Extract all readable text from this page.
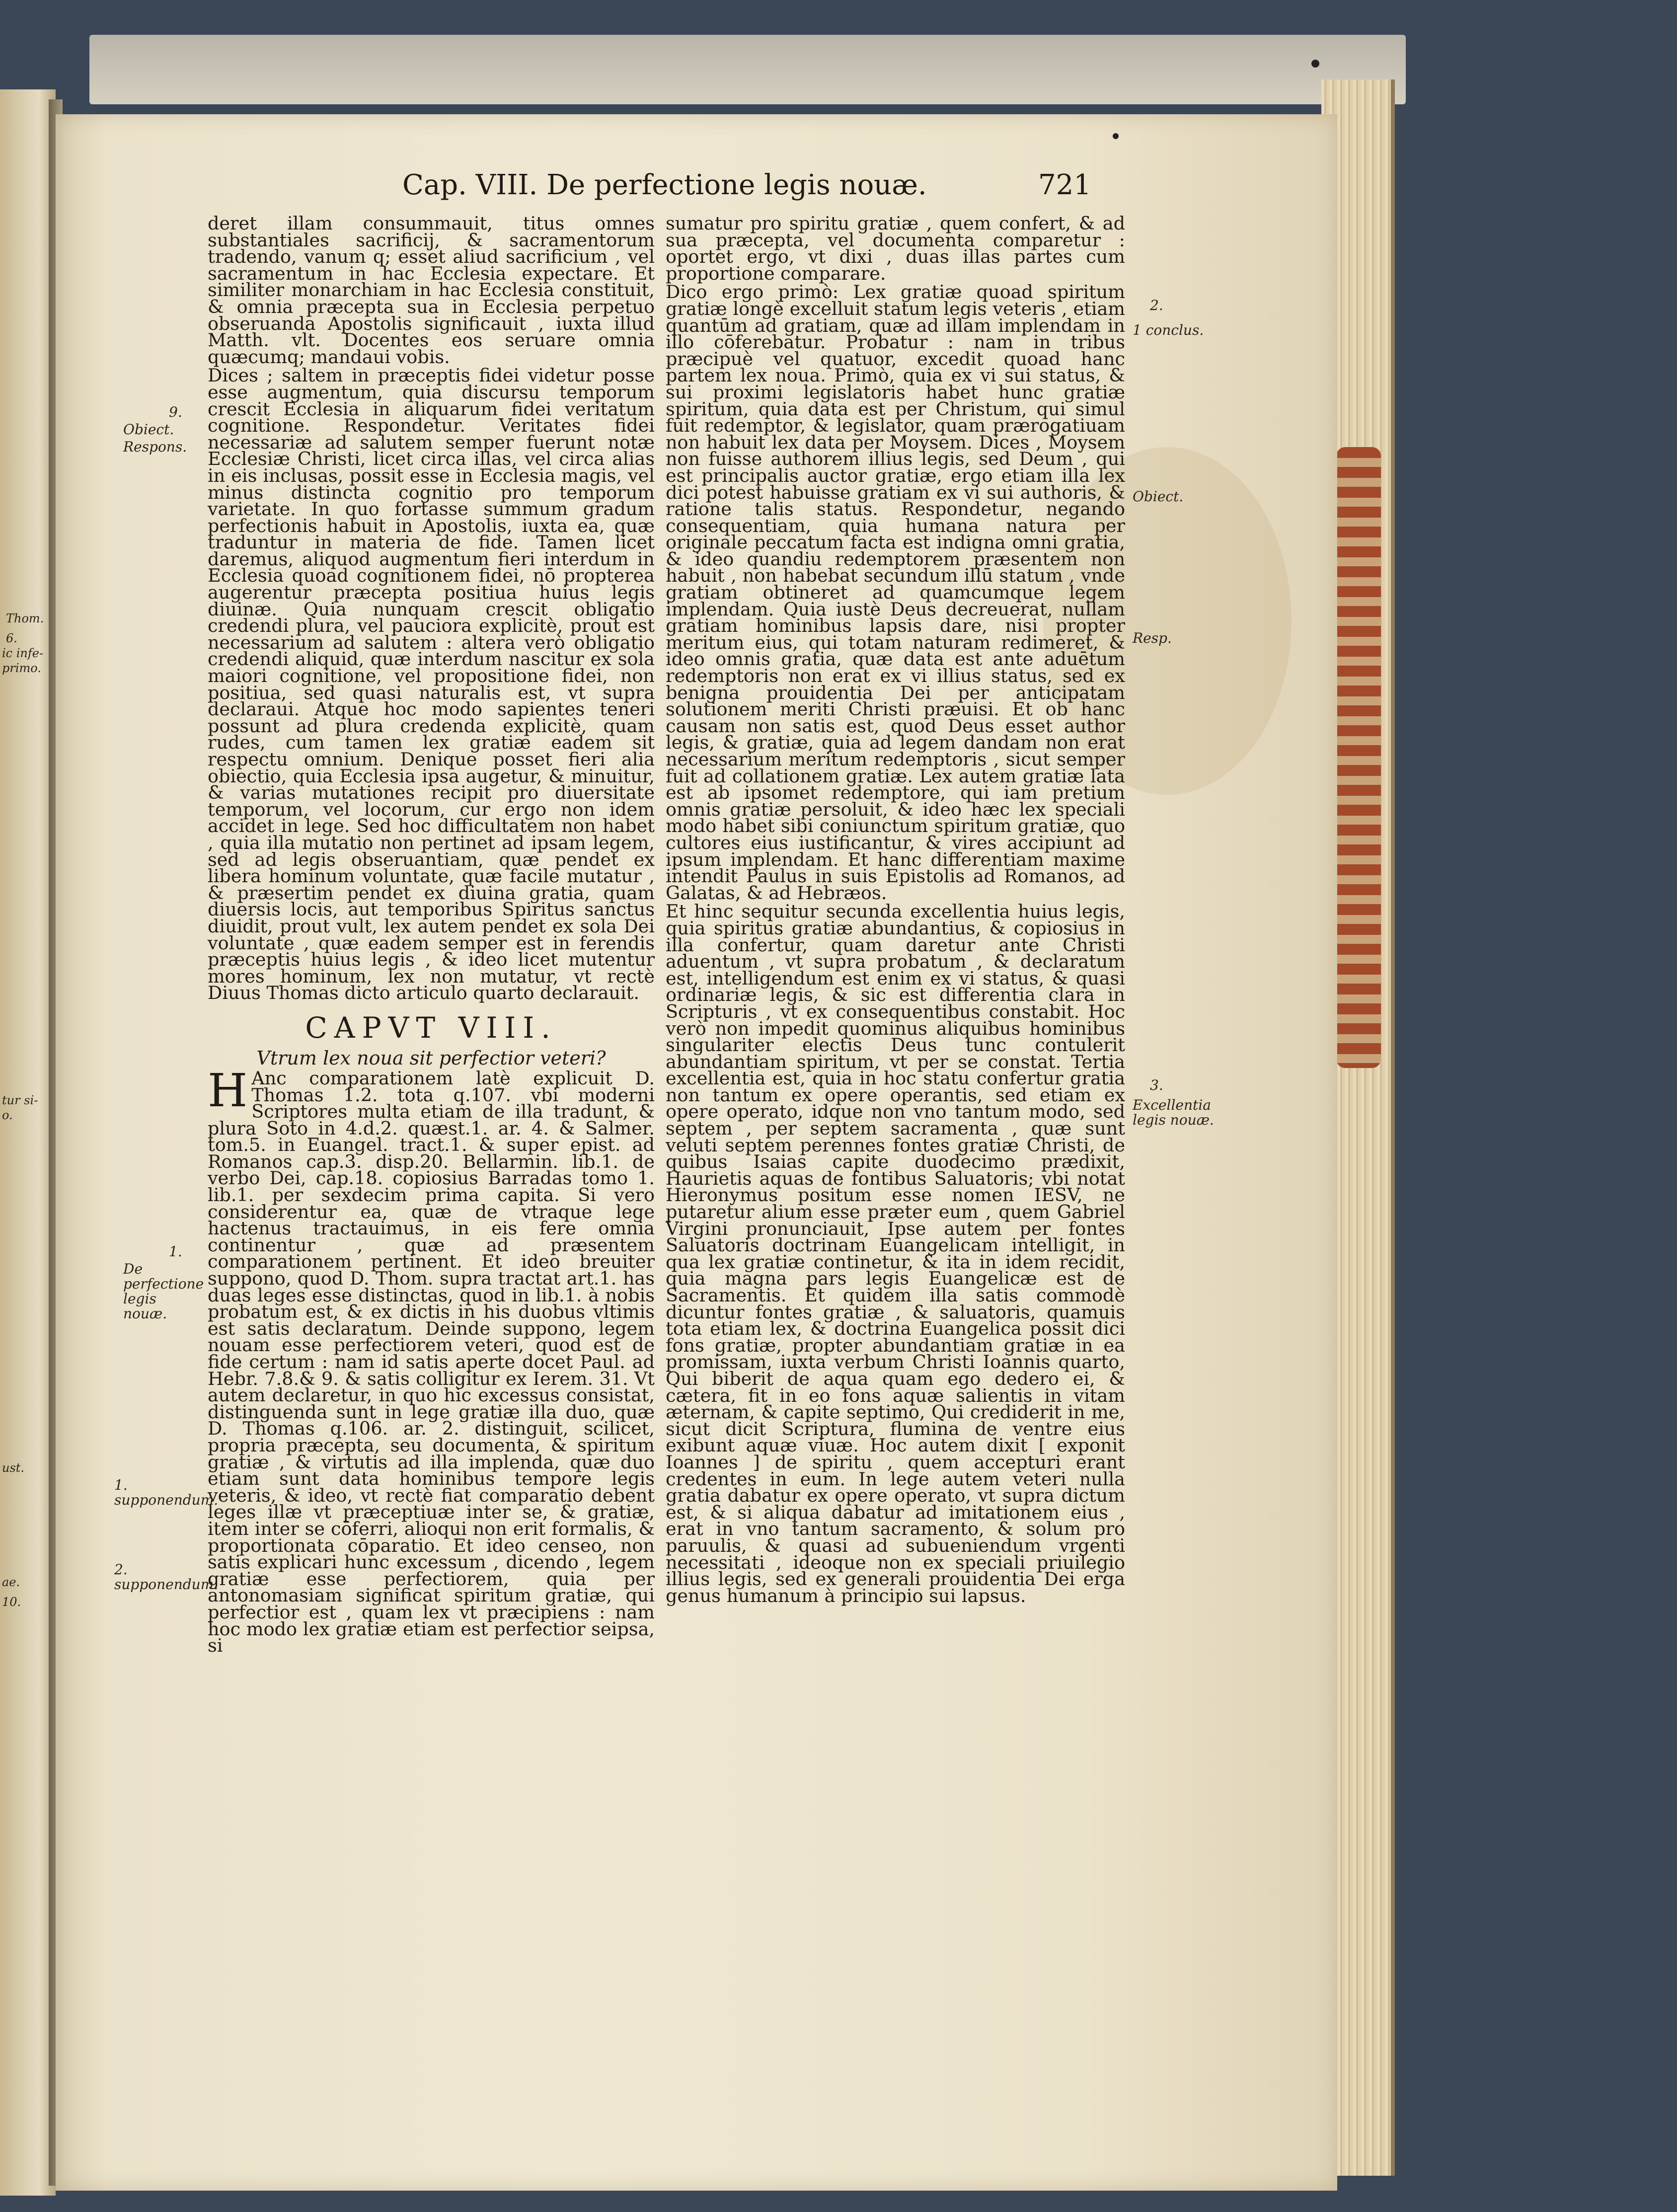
Thom.
6.
ic infe-
primo.
tur si-
o.
ust.
ae.
10.
Cap. VIII. De perfectione legis nouæ.	721

deret illam consummauit, titus omnes substantiales sacrificij, & sacramentorum tradendo, vanum q; esset aliud sacrificium , vel sacramentum in hac Ecclesia expectare. Et similiter monarchiam in hac Ecclesia constituit, & omnia præcepta sua in Ecclesia perpetuo obseruanda Apostolis significauit , iuxta illud Matth. vlt. Docentes eos seruare omnia quæcumq; mandaui vobis.

Dices ; saltem in præceptis fidei videtur posse esse augmentum, quia discursu temporum crescit Ecclesia in aliquarum fidei veritatum cognitione. Respondetur. Veritates fidei necessariæ ad salutem semper fuerunt notæ Ecclesiæ Christi, licet circa illas, vel circa alias in eis inclusas, possit esse in Ecclesia magis, vel minus distincta cognitio pro temporum varietate. In quo fortasse summum gradum perfectionis habuit in Apostolis, iuxta ea, quæ traduntur in materia de fide. Tamen licet daremus, aliquod augmentum fieri interdum in Ecclesia quoad cognitionem fidei, nō propterea augerentur præcepta positiua huius legis diuinæ. Quia nunquam crescit obligatio credendi plura, vel pauciora explicitè, prout est necessarium ad salutem : altera verò obligatio credendi aliquid, quæ interdum nascitur ex sola maiori cognitione, vel propositione fidei, non positiua, sed quasi naturalis est, vt supra declaraui. Atque hoc modo sapientes teneri possunt ad plura credenda explicitè, quam rudes, cum tamen lex gratiæ eadem sit respectu omnium. Denique posset fieri alia obiectio, quia Ecclesia ipsa augetur, & minuitur, & varias mutationes recipit pro diuersitate temporum, vel locorum, cur ergo non idem accidet in lege. Sed hoc difficultatem non habet , quia illa mutatio non pertinet ad ipsam legem, sed ad legis obseruantiam, quæ pendet ex libera hominum voluntate, quæ facile mutatur , & præsertim pendet ex diuina gratia, quam diuersis locis, aut temporibus Spiritus sanctus diuidit, prout vult, lex autem pendet ex sola Dei voluntate , quæ eadem semper est in ferendis præceptis huius legis , & ideo licet mutentur mores hominum, lex non mutatur, vt rectè Diuus Thomas dicto articulo quarto declarauit.

CAPVT VIII.
Vtrum lex noua sit perfectior veteri?
H Anc comparationem latè explicuit D. Thomas 1.2. tota q.107. vbi moderni Scriptores multa etiam de illa tradunt, & plura Soto in 4.d.2. quæst.1. ar. 4. & Salmer. tom.5. in Euangel. tract.1. & super epist. ad Romanos cap.3. disp.20. Bellarmin. lib.1. de verbo Dei, cap.18. copiosius Barradas tomo 1. lib.1. per sexdecim prima capita. Si vero considerentur ea, quæ de vtraque lege hactenus tractauimus, in eis fere omnia continentur , quæ ad præsentem comparationem pertinent. Et ideo breuiter suppono, quod D. Thom. supra tractat art.1. has duas leges esse distinctas, quod in lib.1. à nobis probatum est, & ex dictis in his duobus vltimis est satis declaratum. Deinde suppono, legem nouam esse perfectiorem veteri, quod est de fide certum : nam id satis aperte docet Paul. ad Hebr. 7.8.& 9. & satis colligitur ex Ierem. 31. Vt autem declaretur, in quo hic excessus consistat, distinguenda sunt in lege gratiæ illa duo, quæ D. Thomas q.106. ar. 2. distinguit, scilicet, propria præcepta, seu documenta, & spiritum gratiæ , & virtutis ad illa implenda, quæ duo etiam sunt data hominibus tempore legis veteris, & ideo, vt rectè fiat comparatio debent leges illæ vt præceptiuæ inter se, & gratiæ, item inter se cōferri, alioqui non erit formalis, & proportionata cōparatio. Et ideo censeo, non satis explicari hunc excessum , dicendo , legem gratiæ esse perfectiorem, quia per antonomasiam significat spiritum gratiæ, qui perfectior est , quam lex vt præcipiens : nam hoc modo lex gratiæ etiam est perfectior seipsa, si

sumatur pro spiritu gratiæ , quem confert, & ad sua præcepta, vel documenta comparetur : oportet ergo, vt dixi , duas illas partes cum proportione comparare.

Dico ergo primò: Lex gratiæ quoad spiritum gratiæ longè excelluit statum legis veteris , etiam quantūm ad gratiam, quæ ad illam implendam in illo cōferebatur. Probatur : nam in tribus præcipuè vel quatuor, excedit quoad hanc partem lex noua. Primò, quia ex vi sui status, & sui proximi legislatoris habet hunc gratiæ spiritum, quia data est per Christum, qui simul fuit redemptor, & legislator, quam prærogatiuam non habuit lex data per Moysem. Dices , Moysem non fuisse authorem illius legis, sed Deum , qui est principalis auctor gratiæ, ergo etiam illa lex dici potest habuisse gratiam ex vi sui authoris, & ratione talis status. Respondetur, negando consequentiam, quia humana natura per originale peccatum facta est indigna omni gratia, & ideo quandiu redemptorem præsentem non habuit , non habebat secundum illū statum , vnde gratiam obtineret ad quamcumque legem implendam. Quia iustè Deus decreuerat, nullam gratiam hominibus lapsis dare, nisi propter meritum eius, qui totam naturam redimeret, & ideo omnis gratia, quæ data est ante aduētum redemptoris non erat ex vi illius status, sed ex benigna prouidentia Dei per anticipatam solutionem meriti Christi præuisi. Et ob hanc causam non satis est, quod Deus esset author legis, & gratiæ, quia ad legem dandam non erat necessarium meritum redemptoris , sicut semper fuit ad collationem gratiæ. Lex autem gratiæ lata est ab ipsomet redemptore, qui iam pretium omnis gratiæ persoluit, & ideo hæc lex speciali modo habet sibi coniunctum spiritum gratiæ, quo cultores eius iustificantur, & vires accipiunt ad ipsum implendam. Et hanc differentiam maxime intendit Paulus in suis Epistolis ad Romanos, ad Galatas, & ad Hebræos.

Et hinc sequitur secunda excellentia huius legis, quia spiritus gratiæ abundantius, & copiosius in illa confertur, quam daretur ante Christi aduentum , vt supra probatum , & declaratum est, intelligendum est enim ex vi status, & quasi ordinariæ legis, & sic est differentia clara in Scripturis , vt ex consequentibus constabit. Hoc verò non impedit quominus aliquibus hominibus singulariter electis Deus tunc contulerit abundantiam spiritum, vt per se constat. Tertia excellentia est, quia in hoc statu confertur gratia non tantum ex opere operantis, sed etiam ex opere operato, idque non vno tantum modo, sed septem , per septem sacramenta , quæ sunt veluti septem perennes fontes gratiæ Christi, de quibus Isaias capite duodecimo prædixit, Haurietis aquas de fontibus Saluatoris; vbi notat Hieronymus positum esse nomen IESV, ne putaretur alium esse præter eum , quem Gabriel Virgini pronunciauit, Ipse autem per fontes Saluatoris doctrinam Euangelicam intelligit, in qua lex gratiæ continetur, & ita in idem recidit, quia magna pars legis Euangelicæ est de Sacramentis. Et quidem illa satis commodè dicuntur fontes gratiæ , & saluatoris, quamuis tota etiam lex, & doctrina Euangelica possit dici fons gratiæ, propter abundantiam gratiæ in ea promissam, iuxta verbum Christi Ioannis quarto, Qui biberit de aqua quam ego dedero ei, & cætera, fit in eo fons aquæ salientis in vitam æternam, & capite septimo, Qui crediderit in me, sicut dicit Scriptura, flumina de ventre eius exibunt aquæ viuæ. Hoc autem dixit [ exponit Ioannes ] de spiritu , quem accepturi erant credentes in eum. In lege autem veteri nulla gratia dabatur ex opere operato, vt supra dictum est, & si aliqua dabatur ad imitationem eius , erat in vno tantum sacramento, & solum pro paruulis, & quasi ad subueniendum vrgenti necessitati , ideoque non ex speciali priuilegio illius legis, sed ex generali prouidentia Dei erga genus humanum à principio sui lapsus.

9.
Obiect.
Respons.
1.
De perfectione legis nouæ.
1. supponendum.
2. supponendum.
2.
1 conclus.
Obiect.
Resp.
3.
Excellentia legis nouæ.
